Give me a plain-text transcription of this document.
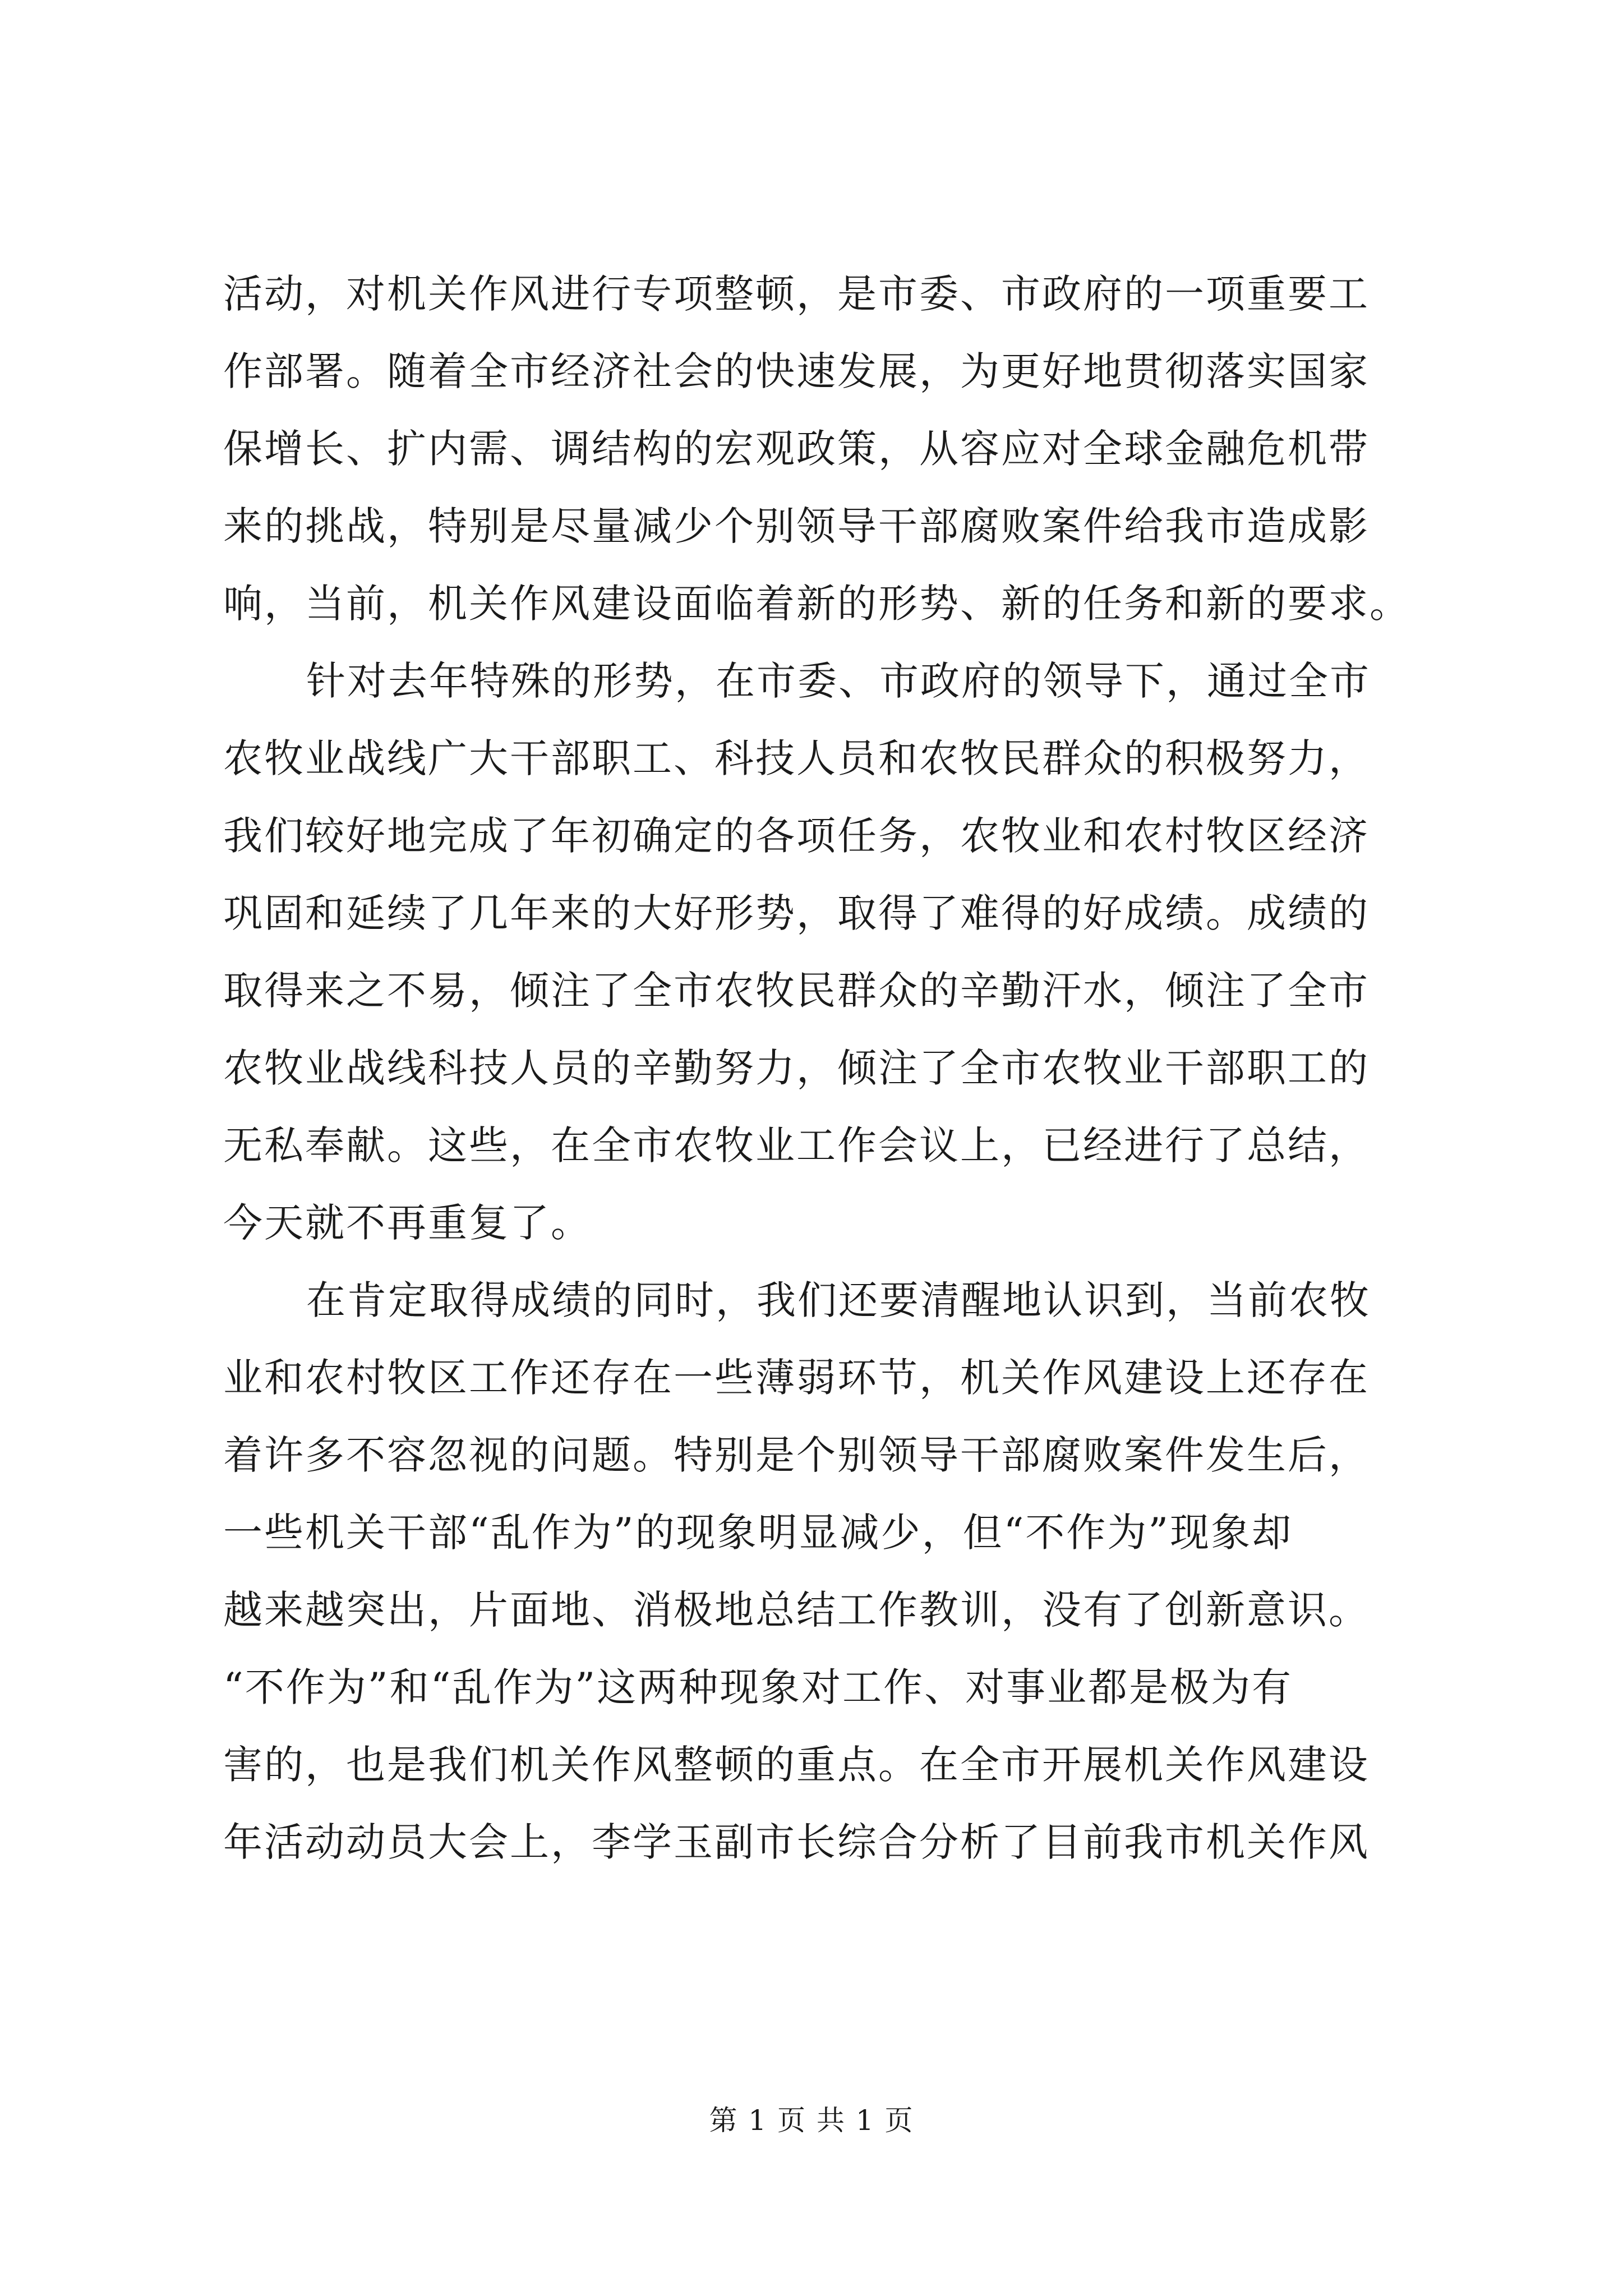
活动，对机关作风进行专项整顿，是市委、市政府的一项重要工
作部署。随着全市经济社会的快速发展，为更好地贯彻落实国家
保增长、扩内需、调结构的宏观政策，从容应对全球金融危机带
来的挑战，特别是尽量减少个别领导干部腐败案件给我市造成影
响，当前，机关作风建设面临着新的形势、新的任务和新的要求。
针对去年特殊的形势，在市委、市政府的领导下，通过全市
农牧业战线广大干部职工、科技人员和农牧民群众的积极努力，
我们较好地完成了年初确定的各项任务，农牧业和农村牧区经济
巩固和延续了几年来的大好形势，取得了难得的好成绩。成绩的
取得来之不易，倾注了全市农牧民群众的辛勤汗水，倾注了全市
农牧业战线科技人员的辛勤努力，倾注了全市农牧业干部职工的
无私奉献。这些，在全市农牧业工作会议上，已经进行了总结，
今天就不再重复了。
在肯定取得成绩的同时，我们还要清醒地认识到，当前农牧
业和农村牧区工作还存在一些薄弱环节，机关作风建设上还存在
着许多不容忽视的问题。特别是个别领导干部腐败案件发生后，
一些机关干部“乱作为”的现象明显减少，但“不作为”现象却
越来越突出，片面地、消极地总结工作教训，没有了创新意识。
“不作为”和“乱作为”这两种现象对工作、对事业都是极为有
害的，也是我们机关作风整顿的重点。在全市开展机关作风建设
年活动动员大会上，李学玉副市长综合分析了目前我市机关作风
第 1 页 共 1 页
